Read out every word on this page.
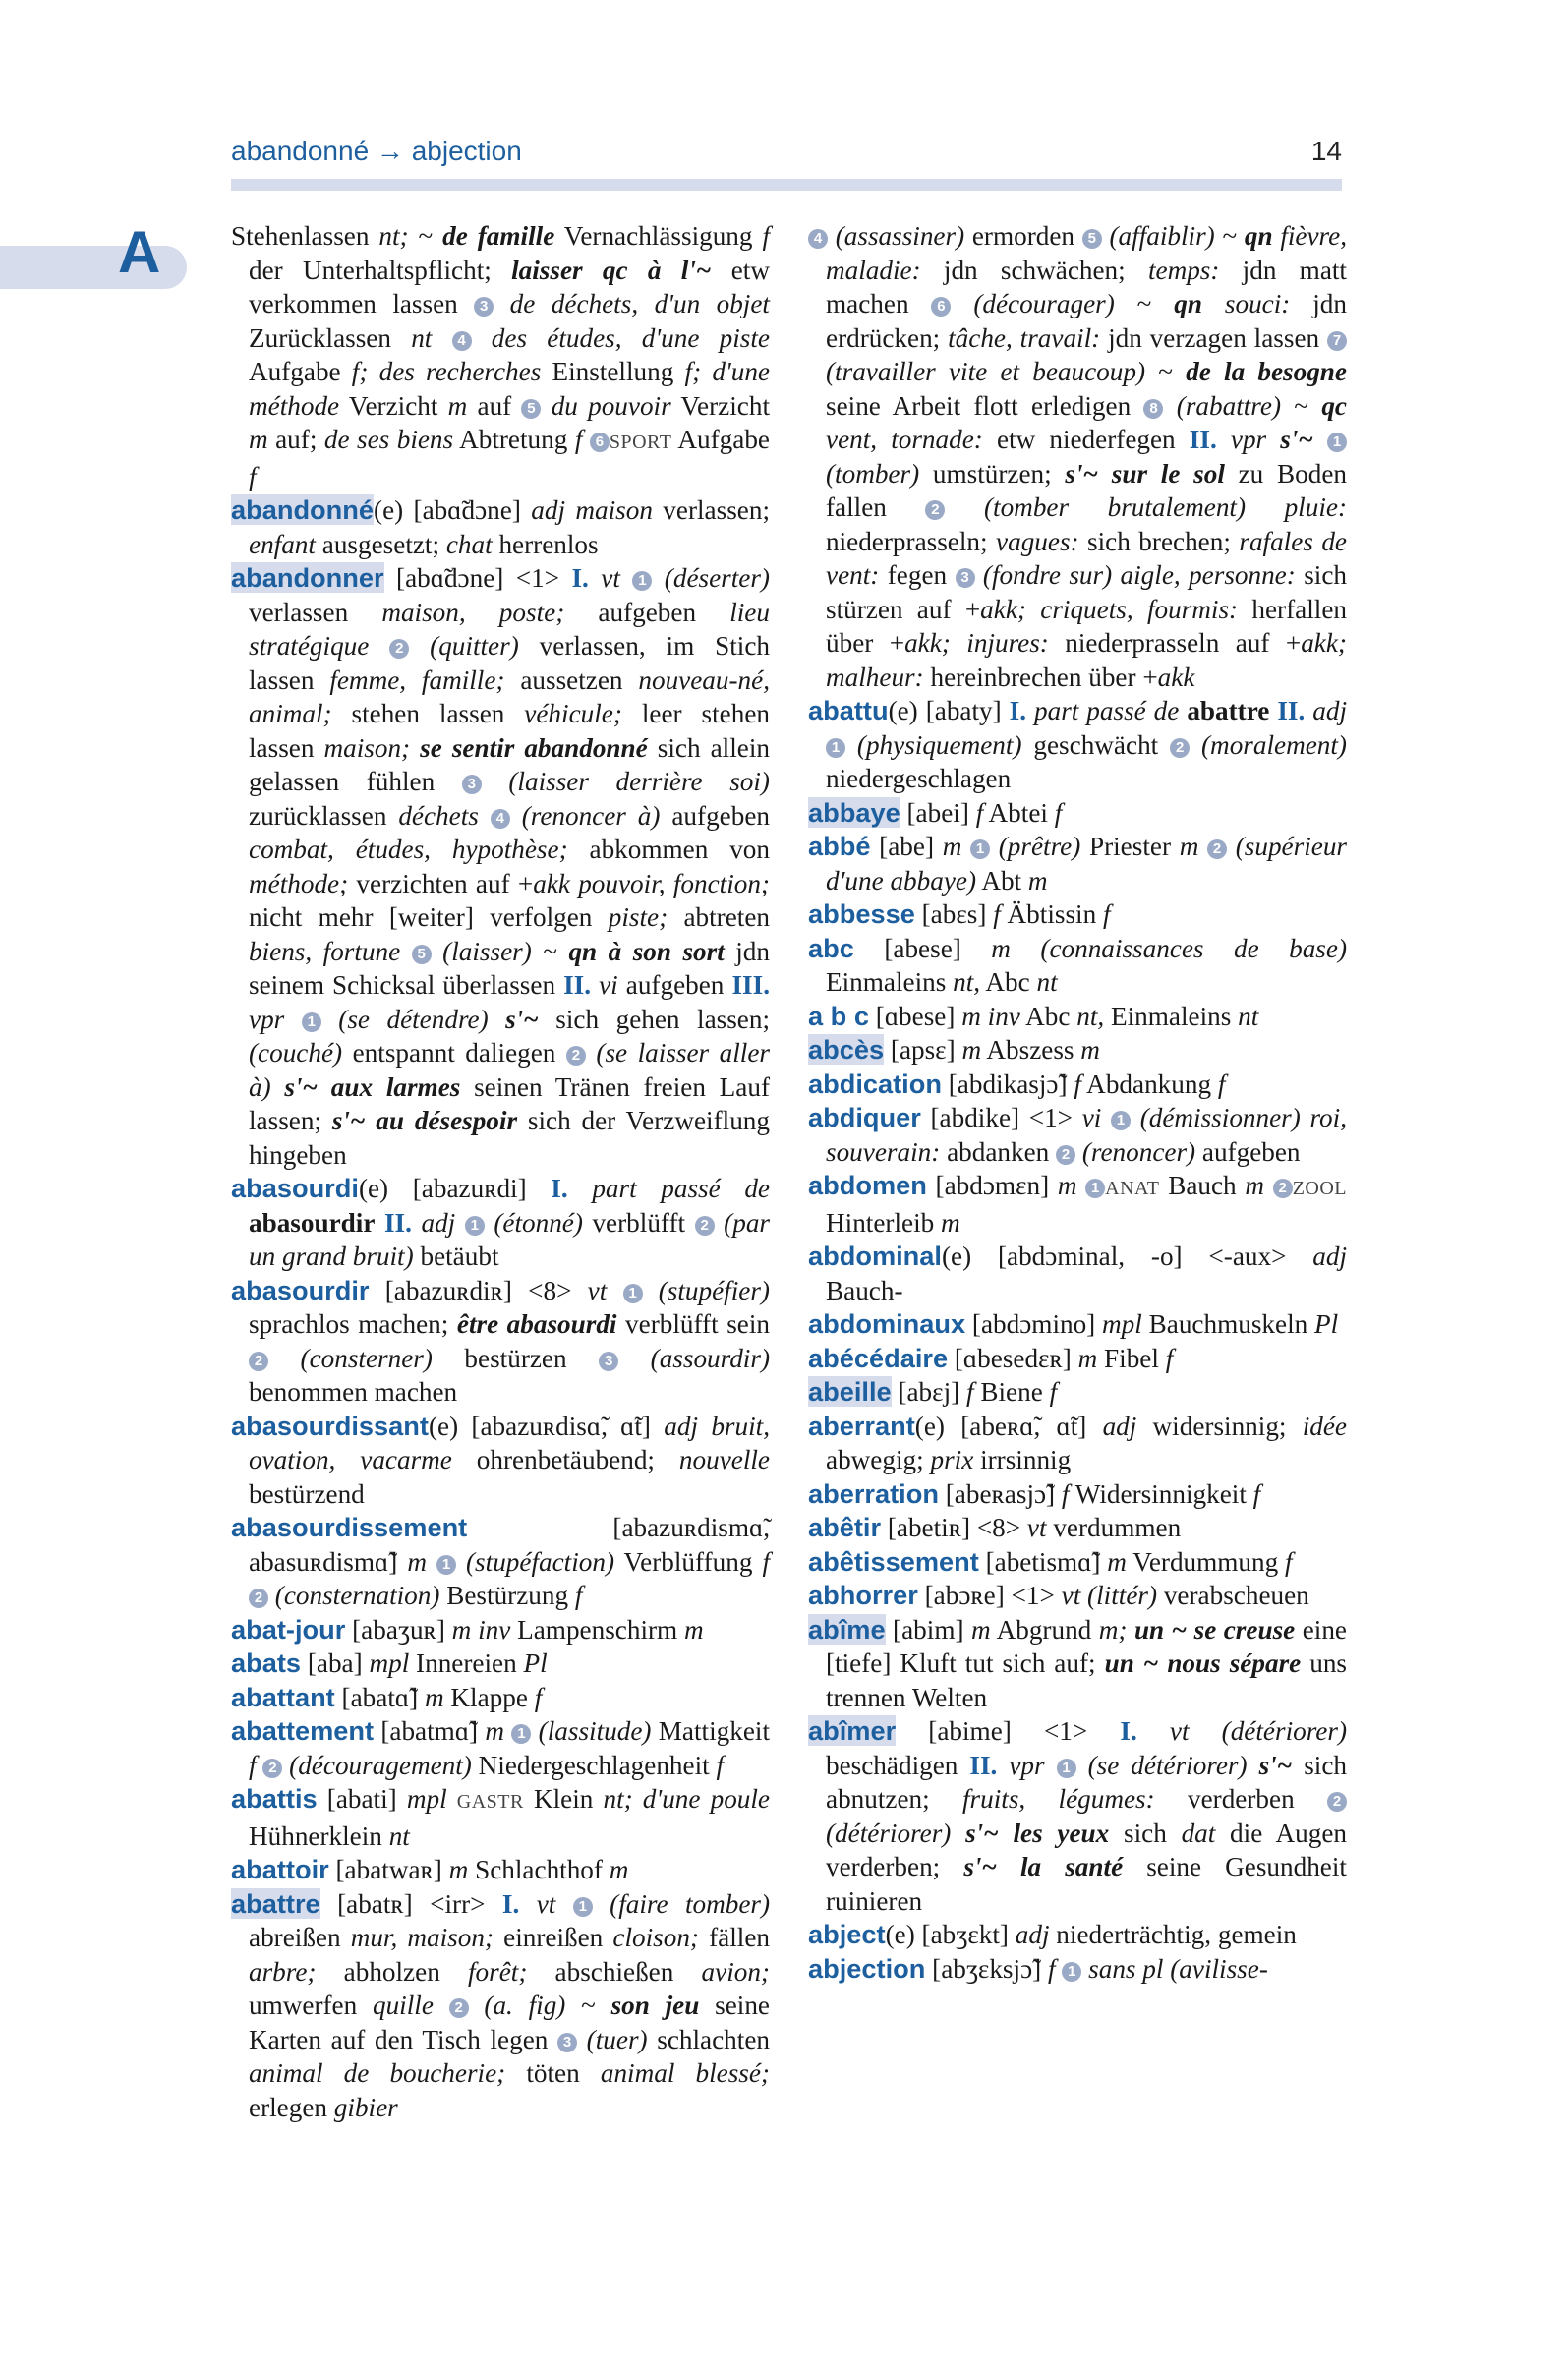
abandonné → abjection	14
A	Stehenlassen nt; ~ de famille Vernachlässigung f der Unterhaltspflicht; laisser qc à l'~ etw verkommen lassen 3 de déchets, d'un objet Zurücklassen nt 4 des études, d'une piste Aufgabe f; des recherches Einstellung f; d'une méthode Verzicht m auf 5 du pouvoir Verzicht m auf; de ses biens Abtretung f 6 SPORT Aufgabe f

abandonné(e) [abɑ̃dɔne] adj maison verlassen; enfant ausgesetzt; chat herrenlos

abandonner [abɑ̃dɔne] <1> I. vt 1 (déserter) verlassen maison, poste; aufgeben lieu stratégique 2 (quitter) verlassen, im Stich lassen femme, famille; aussetzen nouveau-né, animal; stehen lassen véhicule; leer stehen lassen maison; se sentir abandonné sich allein gelassen fühlen 3 (laisser derrière soi) zurücklassen déchets 4 (renoncer à) aufgeben combat, études, hypothèse; abkommen von méthode; verzichten auf +akk pouvoir, fonction; nicht mehr [weiter] verfolgen piste; abtreten biens, fortune 5 (laisser) ~ qn à son sort jdn seinem Schicksal überlassen II. vi aufgeben III. vpr 1 (se détendre) s'~ sich gehen lassen; (couché) entspannt daliegen 2 (se laisser aller à) s'~ aux larmes seinen Tränen freien Lauf lassen; s'~ au désespoir sich der Verzweiflung hingeben

abasourdi(e) [abazuʀdi] I. part passé de abasourdir II. adj 1 (étonné) verblüfft 2 (par un grand bruit) betäubt

abasourdir [abazuʀdiʀ] <8> vt 1 (stupéfier) sprachlos machen; être abasourdi verblüfft sein 2 (consterner) bestürzen 3 (assourdir) benommen machen

abasourdissant(e) [abazuʀdisɑ̃, ɑ̃t] adj bruit, ovation, vacarme ohrenbetäubend; nouvelle bestürzend

abasourdissement [abazuʀdismɑ̃, abasuʀdismɑ̃] m 1 (stupéfaction) Verblüffung f 2 (consternation) Bestürzung f

abat-jour [abaʒuʀ] m inv Lampenschirm m

abats [aba] mpl Innereien Pl

abattant [abatɑ̃] m Klappe f

abattement [abatmɑ̃] m 1 (lassitude) Mattigkeit f 2 (découragement) Niedergeschlagenheit f

abattis [abati] mpl GASTR Klein nt; d'une poule Hühnerklein nt

abattoir [abatwaʀ] m Schlachthof m

abattre [abatʀ] <irr> I. vt 1 (faire tomber) abreißen mur, maison; einreißen cloison; fällen arbre; abholzen forêt; abschießen avion; umwerfen quille 2 (a. fig) ~ son jeu seine Karten auf den Tisch legen 3 (tuer) schlachten animal de boucherie; töten animal blessé; erlegen gibier

4 (assassiner) ermorden 5 (affaiblir) ~ qn fièvre, maladie: jdn schwächen; temps: jdn matt machen 6 (décourager) ~ qn souci: jdn erdrücken; tâche, travail: jdn verzagen lassen 7 (travailler vite et beaucoup) ~ de la besogne seine Arbeit flott erledigen 8 (rabattre) ~ qc vent, tornade: etw niederfegen II. vpr s'~ 1 (tomber) umstürzen; s'~ sur le sol zu Boden fallen 2 (tomber brutalement) pluie: niederprasseln; vagues: sich brechen; rafales de vent: fegen 3 (fondre sur) aigle, personne: sich stürzen auf +akk; criquets, fourmis: herfallen über +akk; injures: niederprasseln auf +akk; malheur: hereinbrechen über +akk

abattu(e) [abaty] I. part passé de abattre II. adj 1 (physiquement) geschwächt 2 (moralement) niedergeschlagen

abbaye [abei] f Abtei f

abbé [abe] m 1 (prêtre) Priester m 2 (supérieur d'une abbaye) Abt m

abbesse [abɛs] f Äbtissin f

abc [abese] m (connaissances de base) Einmaleins nt, Abc nt

a b c [ɑbese] m inv Abc nt, Einmaleins nt

abcès [apsɛ] m Abszess m

abdication [abdikasjɔ̃] f Abdankung f

abdiquer [abdike] <1> vi 1 (démissionner) roi, souverain: abdanken 2 (renoncer) aufgeben

abdomen [abdɔmɛn] m 1 ANAT Bauch m 2 ZOOL Hinterleib m

abdominal(e) [abdɔminal, -o] <-aux> adj Bauch-

abdominaux [abdɔmino] mpl Bauchmuskeln Pl

abécédaire [ɑbesedɛʀ] m Fibel f

abeille [abɛj] f Biene f

aberrant(e) [abeʀɑ̃, ɑ̃t] adj widersinnig; idée abwegig; prix irrsinnig

aberration [abeʀasjɔ̃] f Widersinnigkeit f

abêtir [abetiʀ] <8> vt verdummen

abêtissement [abetismɑ̃] m Verdummung f

abhorrer [abɔʀe] <1> vt (littér) verabscheuen

abîme [abim] m Abgrund m; un ~ se creuse eine [tiefe] Kluft tut sich auf; un ~ nous sépare uns trennen Welten

abîmer [abime] <1> I. vt (détériorer) beschädigen II. vpr 1 (se détériorer) s'~ sich abnutzen; fruits, légumes: verderben 2 (détériorer) s'~ les yeux sich dat die Augen verderben; s'~ la santé seine Gesundheit ruinieren

abject(e) [abʒɛkt] adj niederträchtig, gemein

abjection [abʒɛksjɔ̃] f 1 sans pl (avilisse-
